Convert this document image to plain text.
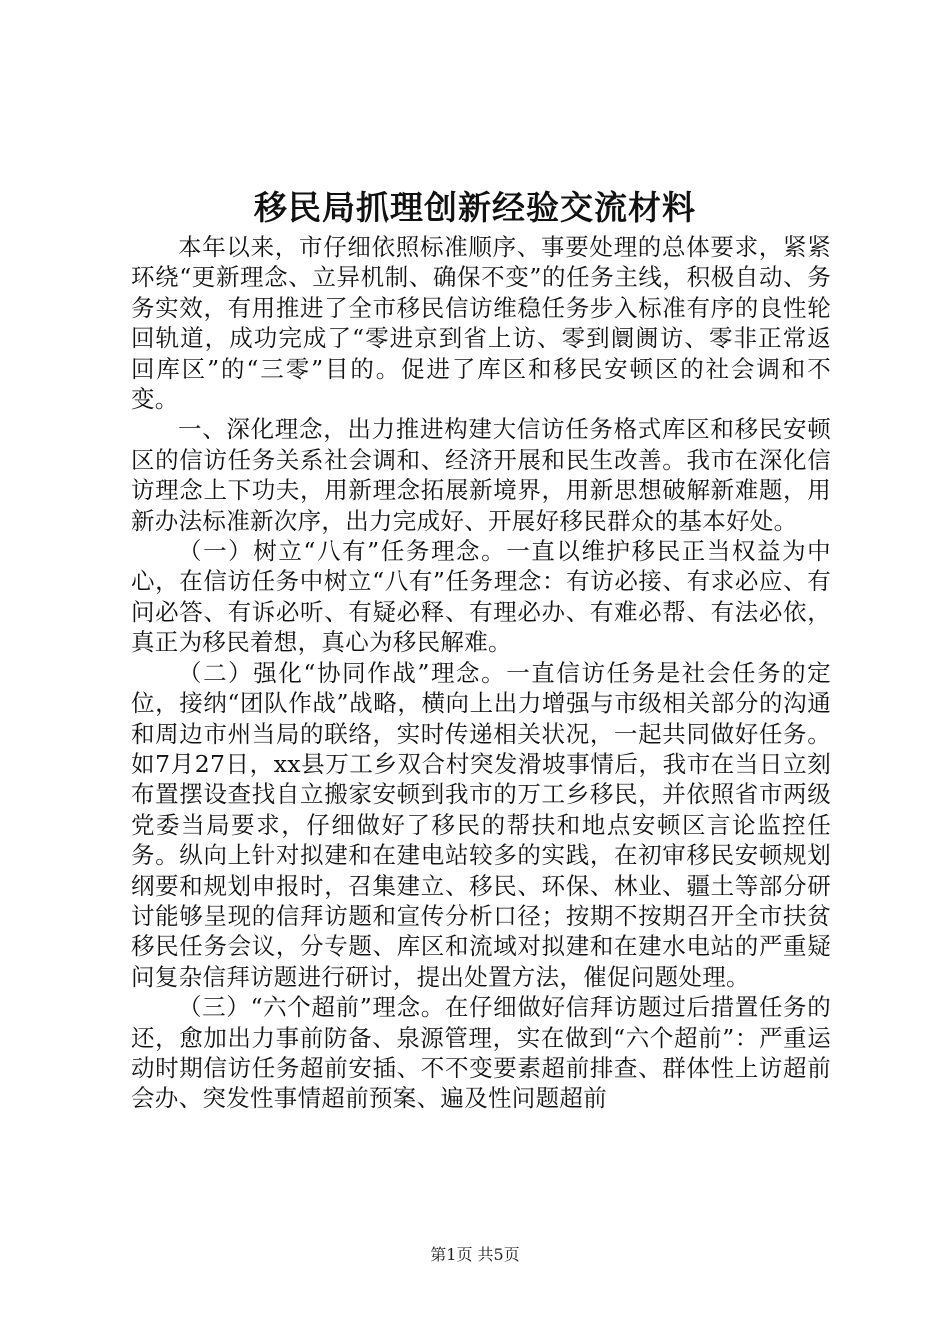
移民局抓理创新经验交流材料

本年以来，市仔细依照标准顺序、事要处理的总体要求，紧紧环绕“更新理念、立异机制、确保不变”的任务主线，积极自动、务务实效，有用推进了全市移民信访维稳任务步入标准有序的良性轮回轨道，成功完成了“零进京到省上访、零到阛阓访、零非正常返回库区”的“三零”目的。促进了库区和移民安顿区的社会调和不变。

一、深化理念，出力推进构建大信访任务格式库区和移民安顿区的信访任务关系社会调和、经济开展和民生改善。我市在深化信访理念上下功夫，用新理念拓展新境界，用新思想破解新难题，用新办法标准新次序，出力完成好、开展好移民群众的基本好处。

（一）树立“八有”任务理念。一直以维护移民正当权益为中心，在信访任务中树立“八有”任务理念：有访必接、有求必应、有问必答、有诉必听、有疑必释、有理必办、有难必帮、有法必依，真正为移民着想，真心为移民解难。

（二）强化“协同作战”理念。一直信访任务是社会任务的定位，接纳“团队作战”战略，横向上出力增强与市级相关部分的沟通和周边市州当局的联络，实时传递相关状况，一起共同做好任务。如7月27日，xx县万工乡双合村突发滑坡事情后，我市在当日立刻布置摆设查找自立搬家安顿到我市的万工乡移民，并依照省市两级党委当局要求，仔细做好了移民的帮扶和地点安顿区言论监控任务。纵向上针对拟建和在建电站较多的实践，在初审移民安顿规划纲要和规划申报时，召集建立、移民、环保、林业、疆土等部分研讨能够呈现的信拜访题和宣传分析口径；按期不按期召开全市扶贫移民任务会议，分专题、库区和流域对拟建和在建水电站的严重疑问复杂信拜访题进行研讨，提出处置方法，催促问题处理。

（三）“六个超前”理念。在仔细做好信拜访题过后措置任务的还，愈加出力事前防备、泉源管理，实在做到“六个超前”：严重运动时期信访任务超前安插、不不变要素超前排查、群体性上访超前会办、突发性事情超前预案、遍及性问题超前

第1页 共5页
